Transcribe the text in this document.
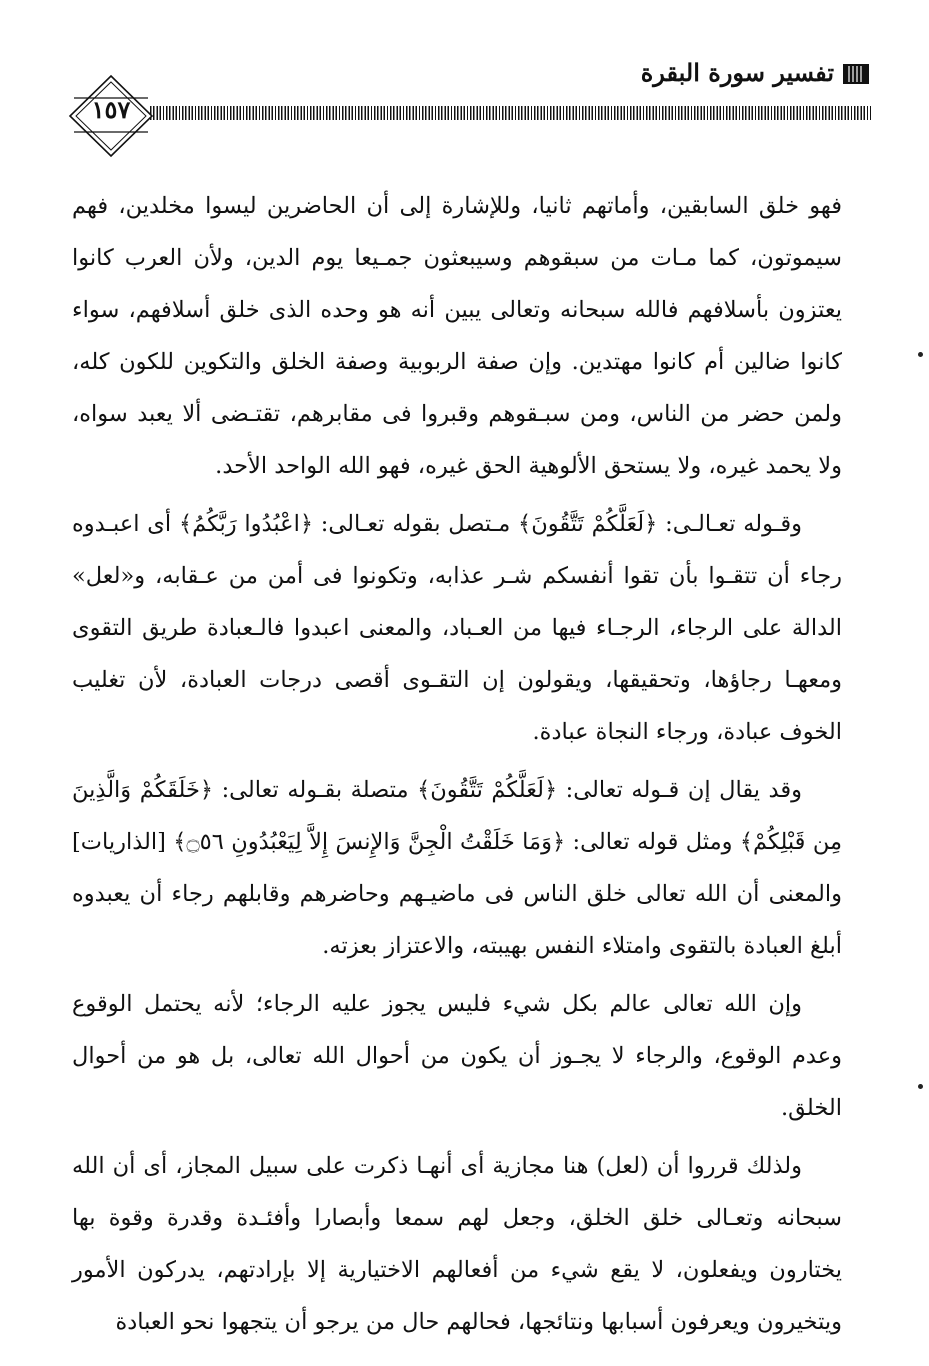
تفسير سورة البقرة
١٥٧

فهو خلق السابقين، وأماتهم ثانيا، وللإشارة إلى أن الحاضرين ليسوا مخلدين، فهم سيموتون، كما مـات من سبقوهم وسيبعثون جمـيعا يوم الدين، ولأن العرب كانوا يعتزون بأسلافهم فالله سبحانه وتعالى يبين أنه هو وحده الذى خلق أسلافهم، سواء كانوا ضالين أم كانوا مهتدين. وإن صفة الربوبية وصفة الخلق والتكوين للكون كله، ولمن حضر من الناس، ومن سبـقوهم وقبروا فى مقابرهم، تقتـضى ألا يعبد سواه، ولا يحمد غيره، ولا يستحق الألوهية الحق غيره، فهو الله الواحد الأحد.

وقـوله تعـالـى: ﴿لَعَلَّكُمْ تَتَّقُونَ﴾ مـتصل بقوله تعـالى: ﴿اعْبُدُوا رَبَّكُمُ﴾ أى اعبـدوه رجاء أن تتقـوا بأن تقوا أنفسكم شـر عذابه، وتكونوا فى أمن من عـقابه، و«لعل» الدالة على الرجاء، الرجـاء فيها من العـباد، والمعنى اعبدوا فالـعبادة طريق التقوى ومعهـا رجاؤها، وتحقيقها، ويقولون إن التقـوى أقصى درجات العبادة، لأن تغليب الخوف عبادة، ورجاء النجاة عبادة.

وقد يقال إن قـوله تعالى: ﴿لَعَلَّكُمْ تَتَّقُونَ﴾ متصلة بقـوله تعالى: ﴿خَلَقَكُمْ وَالَّذِينَ مِن قَبْلِكُمْ﴾ ومثل قوله تعالى: ﴿وَمَا خَلَقْتُ الْجِنَّ وَالإِنسَ إِلاَّ لِيَعْبُدُونِ ۝٥٦﴾ [الذاريات] والمعنى أن الله تعالى خلق الناس فى ماضيـهم وحاضرهم وقابلهم رجاء أن يعبدوه أبلغ العبادة بالتقوى وامتلاء النفس بهيبته، والاعتزاز بعزته.

وإن الله تعالى عالم بكل شيء فليس يجوز عليه الرجاء؛ لأنه يحتمل الوقوع وعدم الوقوع، والرجاء لا يجـوز أن يكون من أحوال الله تعالى، بل هو من أحوال الخلق.

ولذلك قرروا أن (لعل) هنا مجازية أى أنهـا ذكرت على سبيل المجاز، أى أن الله سبحانه وتعـالى خلق الخلق، وجعل لهم سمعا وأبصارا وأفئـدة وقدرة وقوة بها يختارون ويفعلون، لا يقع شيء من أفعالهم الاختيارية إلا بإرادتهم، يدركون الأمور ويتخيرون ويعرفون أسبابها ونتائجها، فحالهم حال من يرجو أن يتجهوا نحو العبادة
